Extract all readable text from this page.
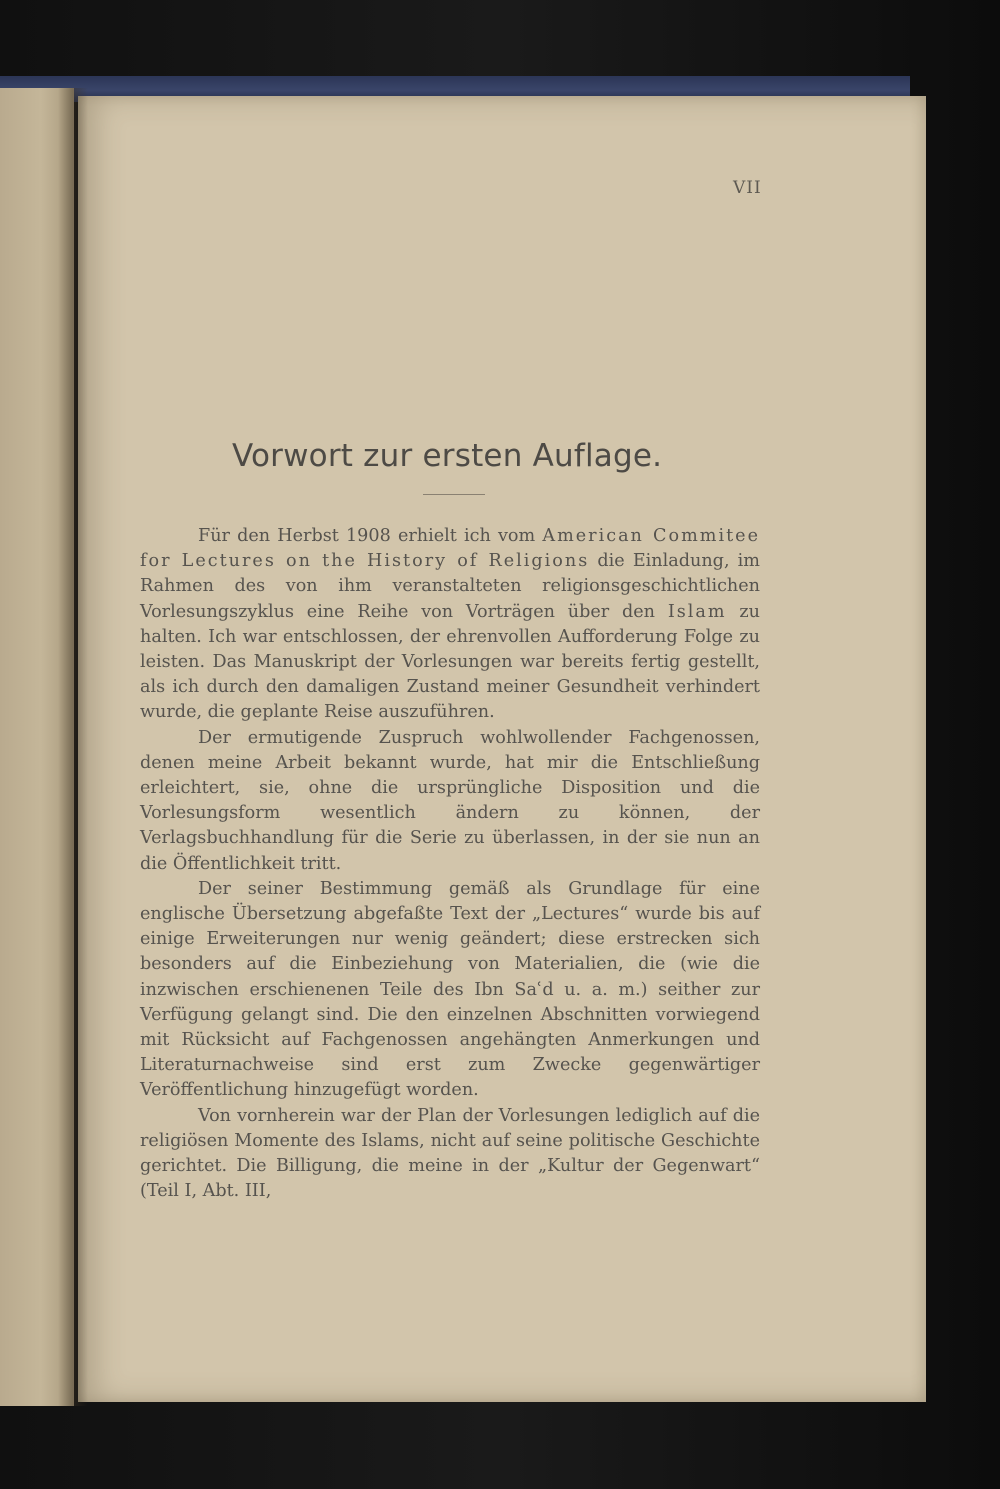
VII
Vorwort zur ersten Auflage.

Für den Herbst 1908 erhielt ich vom American Commitee for Lectures on the History of Religions die Einladung, im Rahmen des von ihm veranstalteten religionsgeschichtlichen Vorlesungszyklus eine Reihe von Vorträgen über den Islam zu halten. Ich war entschlossen, der ehrenvollen Aufforderung Folge zu leisten. Das Manuskript der Vorlesungen war bereits fertig gestellt, als ich durch den damaligen Zustand meiner Gesundheit verhindert wurde, die geplante Reise auszuführen.

Der ermutigende Zuspruch wohlwollender Fachgenossen, denen meine Arbeit bekannt wurde, hat mir die Entschließung erleichtert, sie, ohne die ursprüngliche Disposition und die Vorlesungsform wesentlich ändern zu können, der Verlagsbuchhandlung für die Serie zu überlassen, in der sie nun an die Öffentlichkeit tritt.

Der seiner Bestimmung gemäß als Grundlage für eine englische Übersetzung abgefaßte Text der „Lectures“ wurde bis auf einige Erweiterungen nur wenig geändert; diese erstrecken sich besonders auf die Einbeziehung von Materialien, die (wie die inzwischen erschienenen Teile des Ibn Saʿd u. a. m.) seither zur Verfügung gelangt sind. Die den einzelnen Abschnitten vorwiegend mit Rücksicht auf Fachgenossen angehängten Anmerkungen und Literaturnachweise sind erst zum Zwecke gegenwärtiger Veröffentlichung hinzugefügt worden.

Von vornherein war der Plan der Vorlesungen lediglich auf die religiösen Momente des Islams, nicht auf seine politische Geschichte gerichtet. Die Billigung, die meine in der „Kultur der Gegenwart“ (Teil I, Abt. III,
